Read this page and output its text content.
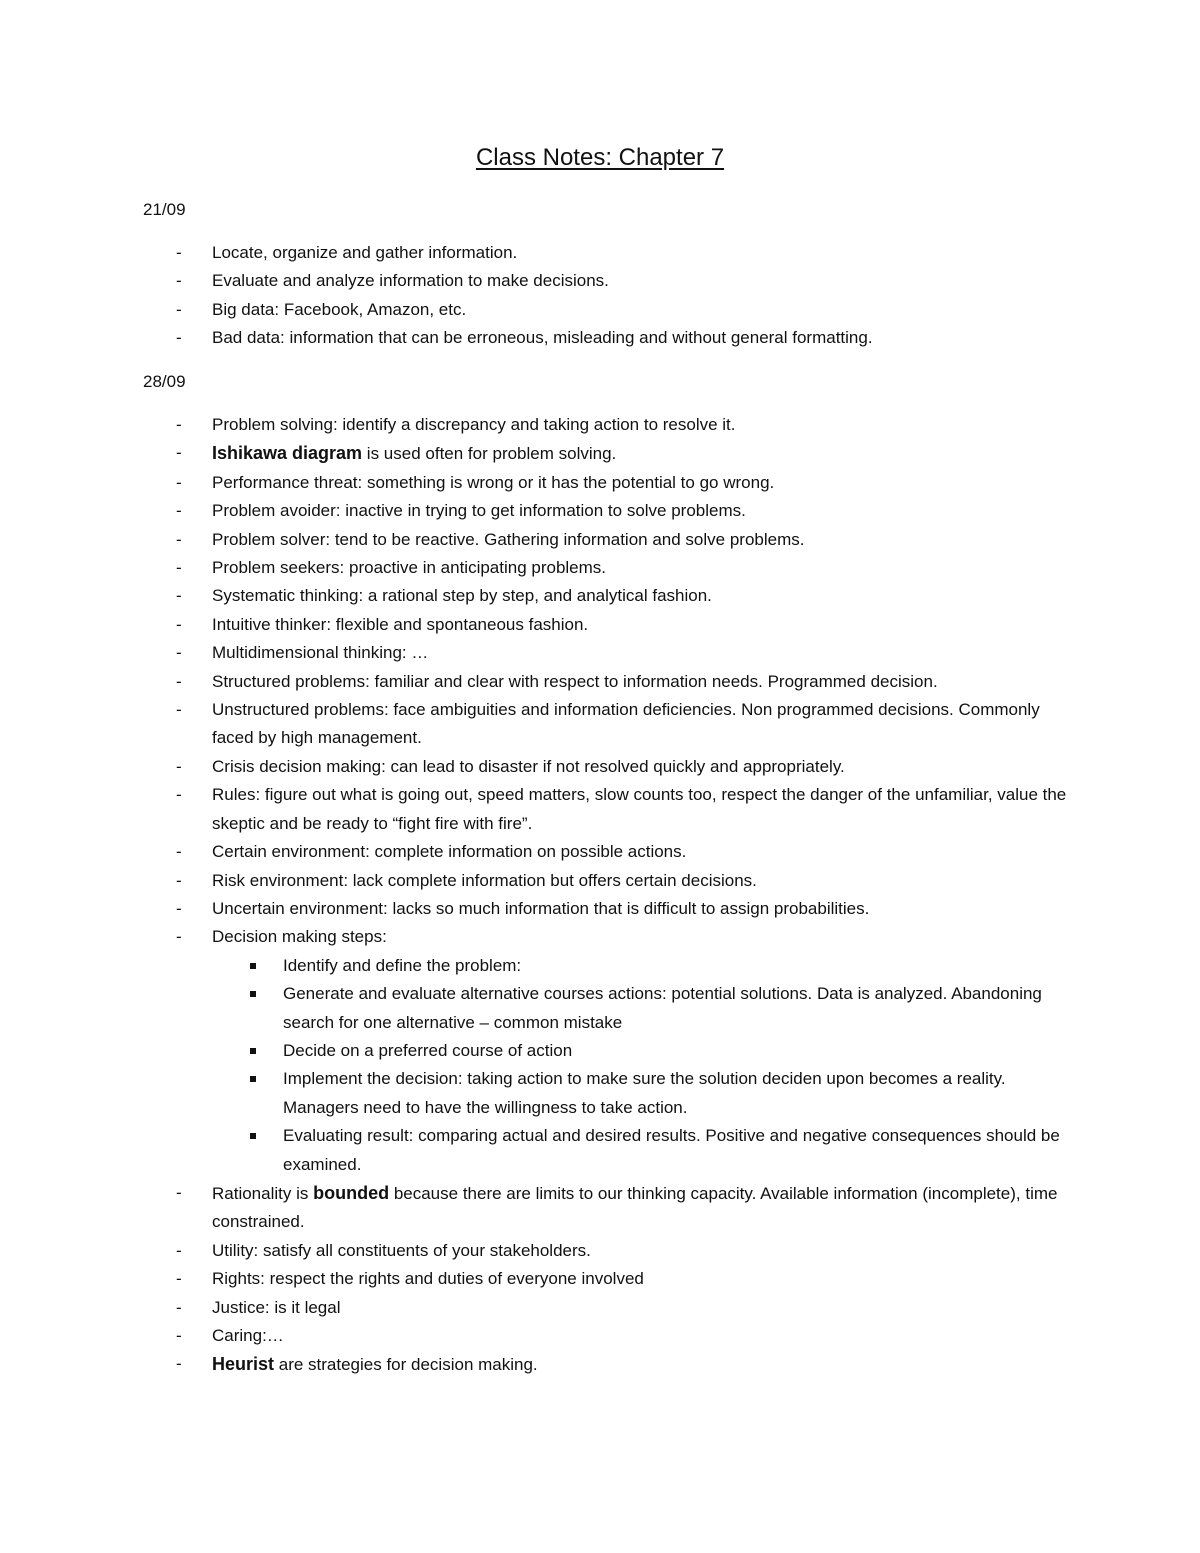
Class Notes: Chapter 7
21/09
- Locate, organize and gather information.
- Evaluate and analyze information to make decisions.
- Big data: Facebook, Amazon, etc.
- Bad data: information that can be erroneous, misleading and without general formatting.
28/09
- Problem solving: identify a discrepancy and taking action to resolve it.
- Ishikawa diagram is used often for problem solving.
- Performance threat: something is wrong or it has the potential to go wrong.
- Problem avoider: inactive in trying to get information to solve problems.
- Problem solver: tend to be reactive. Gathering information and solve problems.
- Problem seekers: proactive in anticipating problems.
- Systematic thinking: a rational step by step, and analytical fashion.
- Intuitive thinker: flexible and spontaneous fashion.
- Multidimensional thinking: …
- Structured problems: familiar and clear with respect to information needs. Programmed decision.
- Unstructured problems: face ambiguities and information deficiencies. Non programmed decisions. Commonly faced by high management.
- Crisis decision making: can lead to disaster if not resolved quickly and appropriately.
- Rules: figure out what is going out, speed matters, slow counts too, respect the danger of the unfamiliar, value the skeptic and be ready to “fight fire with fire”.
- Certain environment: complete information on possible actions.
- Risk environment: lack complete information but offers certain decisions.
- Uncertain environment: lacks so much information that is difficult to assign probabilities.
- Decision making steps:
Identify and define the problem:
Generate and evaluate alternative courses actions: potential solutions. Data is analyzed. Abandoning search for one alternative – common mistake
Decide on a preferred course of action
Implement the decision: taking action to make sure the solution deciden upon becomes a reality. Managers need to have the willingness to take action.
Evaluating result: comparing actual and desired results. Positive and negative consequences should be examined.
- Rationality is bounded because there are limits to our thinking capacity. Available information (incomplete), time constrained.
- Utility: satisfy all constituents of your stakeholders.
- Rights: respect the rights and duties of everyone involved
- Justice: is it legal
- Caring:…
- Heurist are strategies for decision making.
